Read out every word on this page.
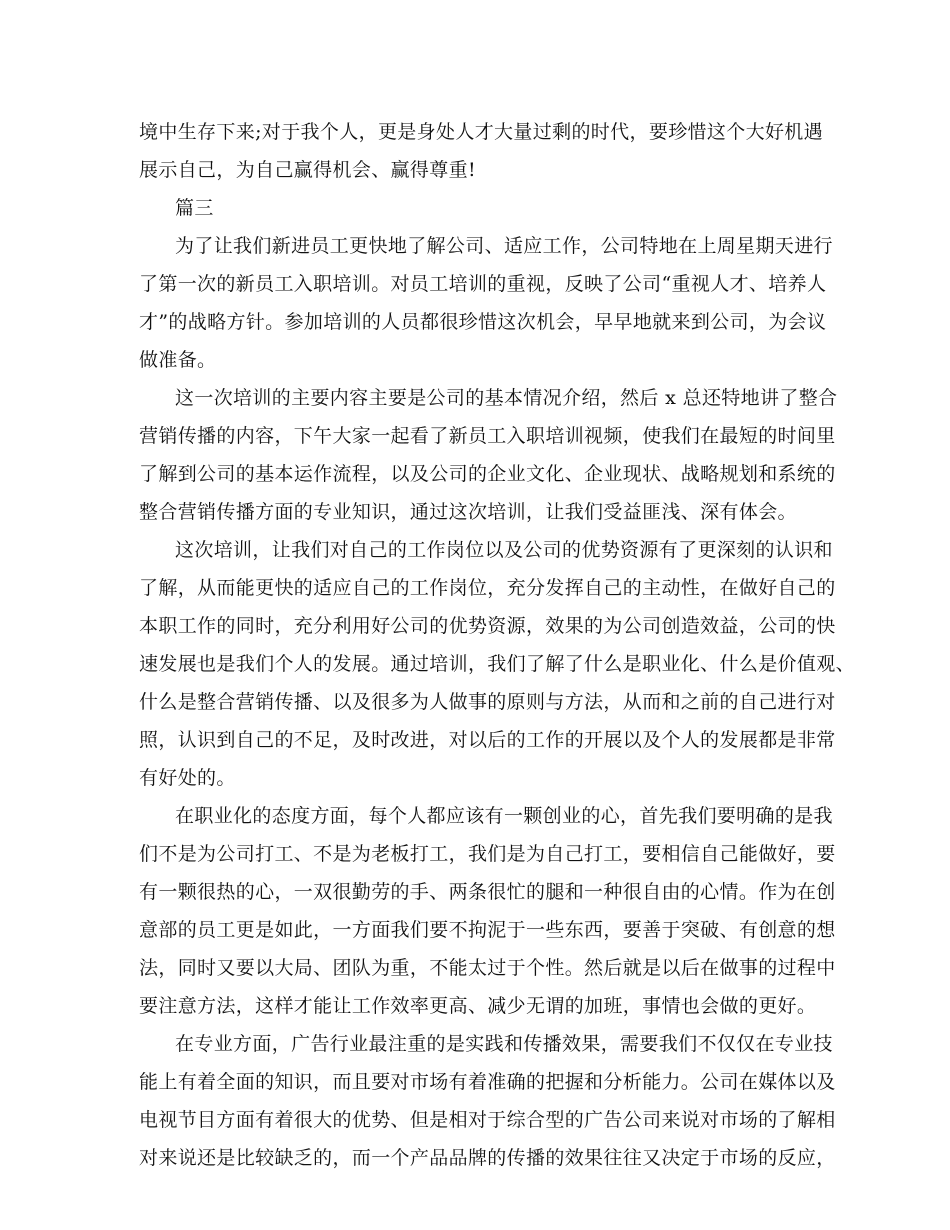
境中生存下来;对于我个人，更是身处人才大量过剩的时代，要珍惜这个大好机遇
展示自己，为自己赢得机会、赢得尊重!
篇三
为了让我们新进员工更快地了解公司、适应工作，公司特地在上周星期天进行
了第一次的新员工入职培训。对员工培训的重视，反映了公司“重视人才、培养人
才”的战略方针。参加培训的人员都很珍惜这次机会，早早地就来到公司，为会议
做准备。
这一次培训的主要内容主要是公司的基本情况介绍，然后 x 总还特地讲了整合
营销传播的内容，下午大家一起看了新员工入职培训视频，使我们在最短的时间里
了解到公司的基本运作流程，以及公司的企业文化、企业现状、战略规划和系统的
整合营销传播方面的专业知识，通过这次培训，让我们受益匪浅、深有体会。
这次培训，让我们对自己的工作岗位以及公司的优势资源有了更深刻的认识和
了解，从而能更快的适应自己的工作岗位，充分发挥自己的主动性，在做好自己的
本职工作的同时，充分利用好公司的优势资源，效果的为公司创造效益，公司的快
速发展也是我们个人的发展。通过培训，我们了解了什么是职业化、什么是价值观、
什么是整合营销传播、以及很多为人做事的原则与方法，从而和之前的自己进行对
照，认识到自己的不足，及时改进，对以后的工作的开展以及个人的发展都是非常
有好处的。
在职业化的态度方面，每个人都应该有一颗创业的心，首先我们要明确的是我
们不是为公司打工、不是为老板打工，我们是为自己打工，要相信自己能做好，要
有一颗很热的心，一双很勤劳的手、两条很忙的腿和一种很自由的心情。作为在创
意部的员工更是如此，一方面我们要不拘泥于一些东西，要善于突破、有创意的想
法，同时又要以大局、团队为重，不能太过于个性。然后就是以后在做事的过程中
要注意方法，这样才能让工作效率更高、减少无谓的加班，事情也会做的更好。
在专业方面，广告行业最注重的是实践和传播效果，需要我们不仅仅在专业技
能上有着全面的知识，而且要对市场有着准确的把握和分析能力。公司在媒体以及
电视节目方面有着很大的优势、但是相对于综合型的广告公司来说对市场的了解相
对来说还是比较缺乏的，而一个产品品牌的传播的效果往往又决定于市场的反应，
